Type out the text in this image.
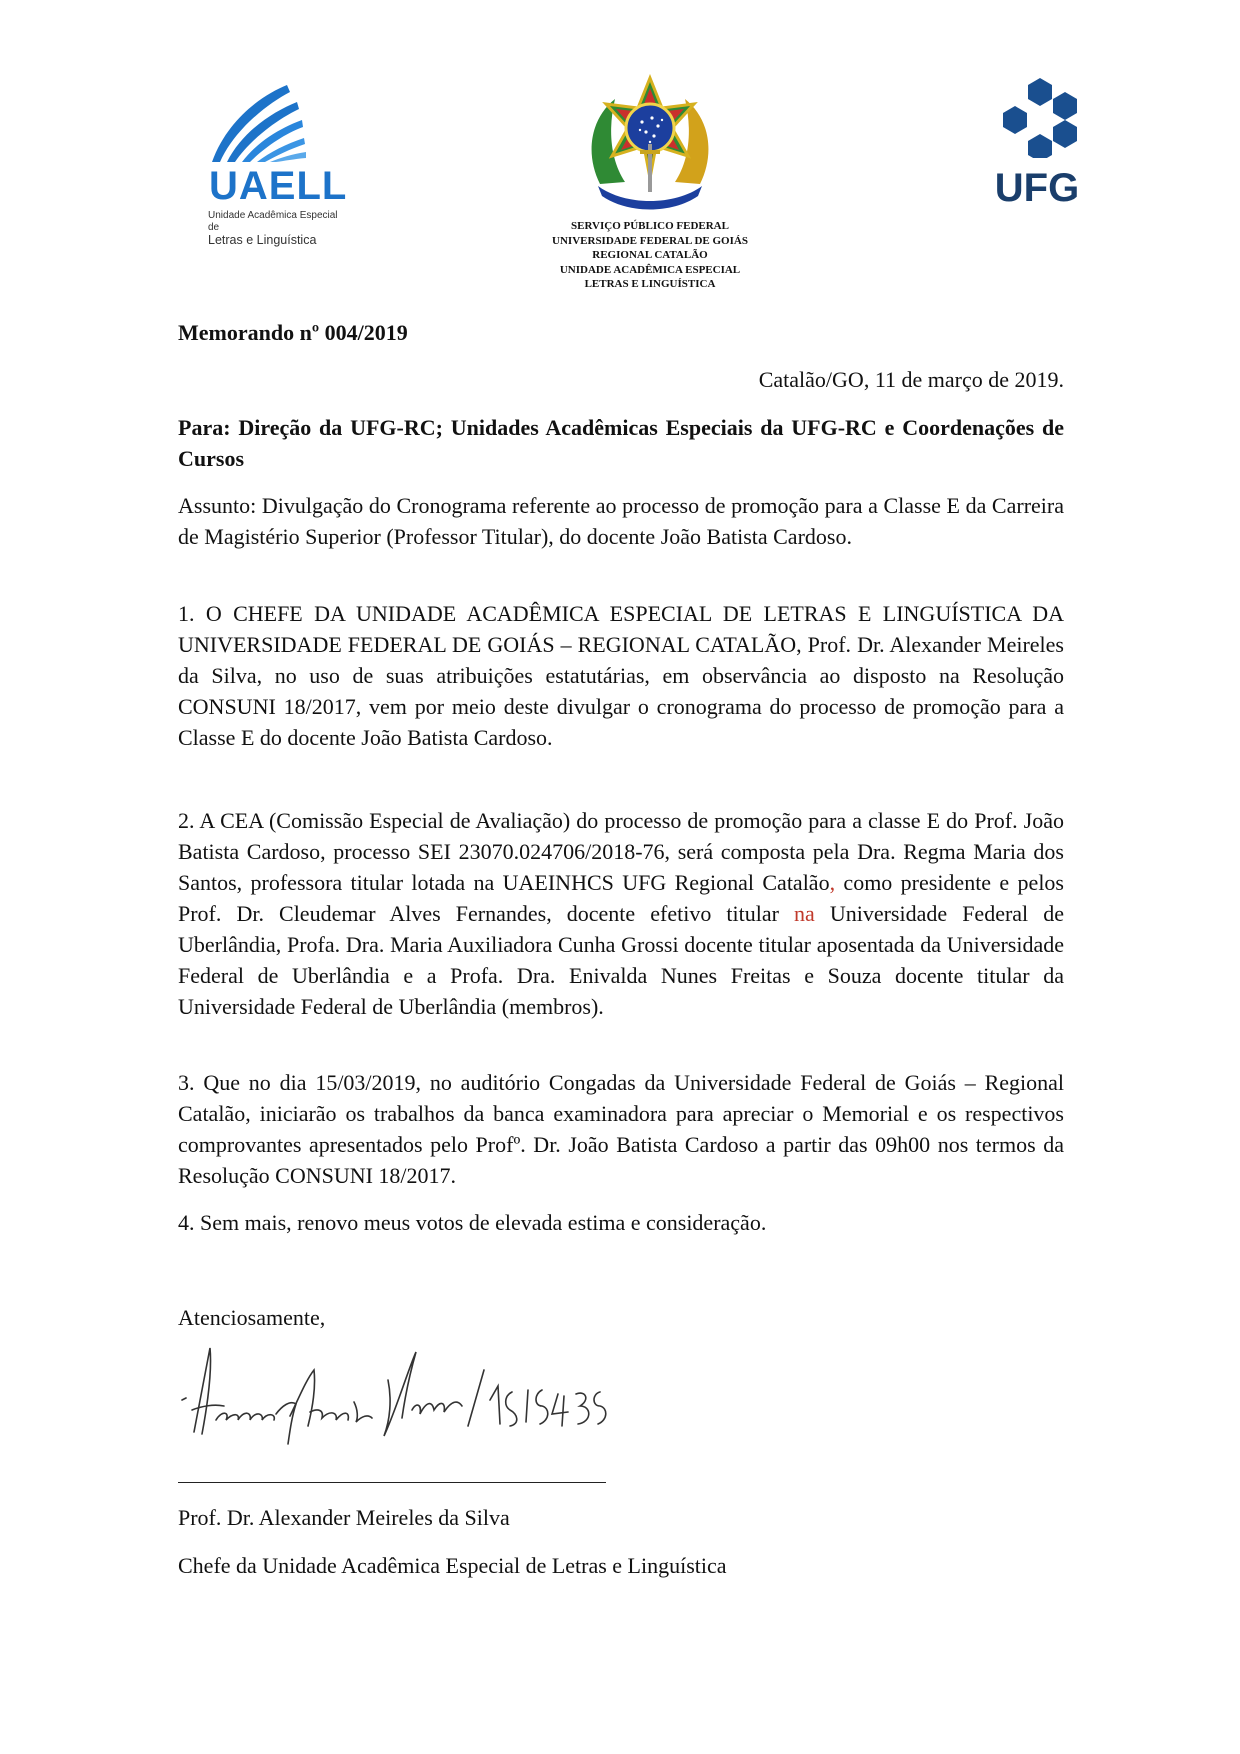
UAELL
Unidade Acadêmica Especial de
Letras e Linguística
SERVIÇO PÚBLICO FEDERAL
UNIVERSIDADE FEDERAL DE GOIÁS
REGIONAL CATALÃO
UNIDADE ACADÊMICA ESPECIAL
LETRAS E LINGUÍSTICA
UFG
Memorando nº 004/2019
Catalão/GO, 11 de março de 2019.
Para: Direção da UFG-RC; Unidades Acadêmicas Especiais da UFG-RC e Coordenações de Cursos
Assunto: Divulgação do Cronograma referente ao processo de promoção para a Classe E da Carreira de Magistério Superior (Professor Titular), do docente João Batista Cardoso.
1. O CHEFE DA UNIDADE ACADÊMICA ESPECIAL DE LETRAS E LINGUÍSTICA DA UNIVERSIDADE FEDERAL DE GOIÁS – REGIONAL CATALÃO, Prof. Dr. Alexander Meireles da Silva, no uso de suas atribuições estatutárias, em observância ao disposto na Resolução CONSUNI 18/2017, vem por meio deste divulgar o cronograma do processo de promoção para a Classe E do docente João Batista Cardoso.
2. A CEA (Comissão Especial de Avaliação) do processo de promoção para a classe E do Prof. João Batista Cardoso, processo SEI 23070.024706/2018-76, será composta pela Dra. Regma Maria dos Santos, professora titular lotada na UAEINHCS UFG Regional Catalão, como presidente e pelos Prof. Dr. Cleudemar Alves Fernandes, docente efetivo titular na Universidade Federal de Uberlândia, Profa. Dra. Maria Auxiliadora Cunha Grossi docente titular aposentada da Universidade Federal de Uberlândia e a Profa. Dra. Enivalda Nunes Freitas e Souza docente titular da Universidade Federal de Uberlândia (membros).
3. Que no dia 15/03/2019, no auditório Congadas da Universidade Federal de Goiás – Regional Catalão, iniciarão os trabalhos da banca examinadora para apreciar o Memorial e os respectivos comprovantes apresentados pelo Profº. Dr. João Batista Cardoso a partir das 09h00 nos termos da Resolução CONSUNI 18/2017.
4. Sem mais, renovo meus votos de elevada estima e consideração.
Atenciosamente,
Prof. Dr. Alexander Meireles da Silva
Chefe da Unidade Acadêmica Especial de Letras e Linguística
